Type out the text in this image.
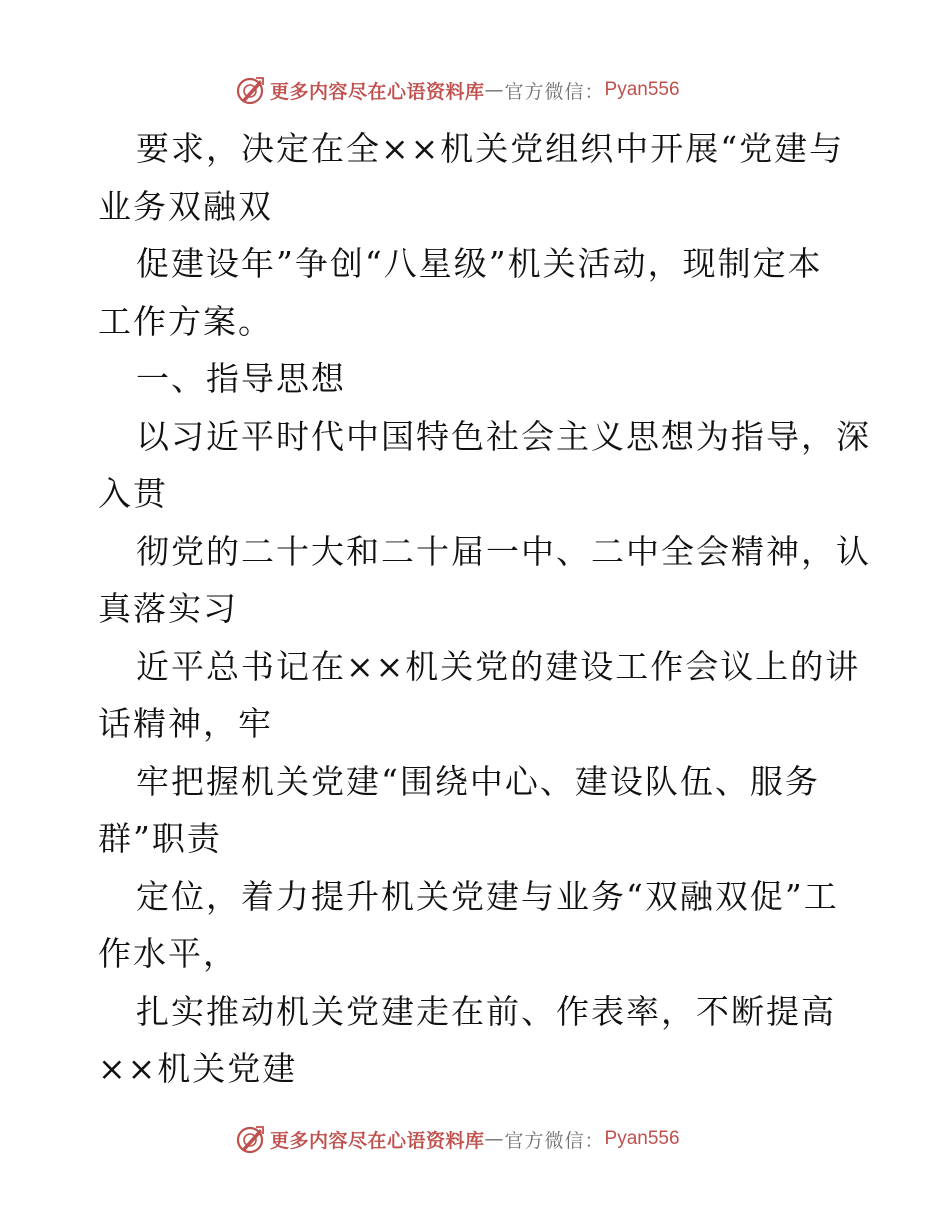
更多内容尽在心语资料库 — 官方微信： Pyan556

要求，决定在全××机关党组织中开展“党建与
业务双融双
促建设年”争创“八星级”机关活动，现制定本
工作方案。
一、指导思想
以习近平时代中国特色社会主义思想为指导，深
入贯
彻党的二十大和二十届一中、二中全会精神，认
真落实习
近平总书记在××机关党的建设工作会议上的讲
话精神，牢
牢把握机关党建“围绕中心、建设队伍、服务
群”职责
定位，着力提升机关党建与业务“双融双促”工
作水平，
扎实推动机关党建走在前、作表率，不断提高
××机关党建

更多内容尽在心语资料库 — 官方微信： Pyan556
